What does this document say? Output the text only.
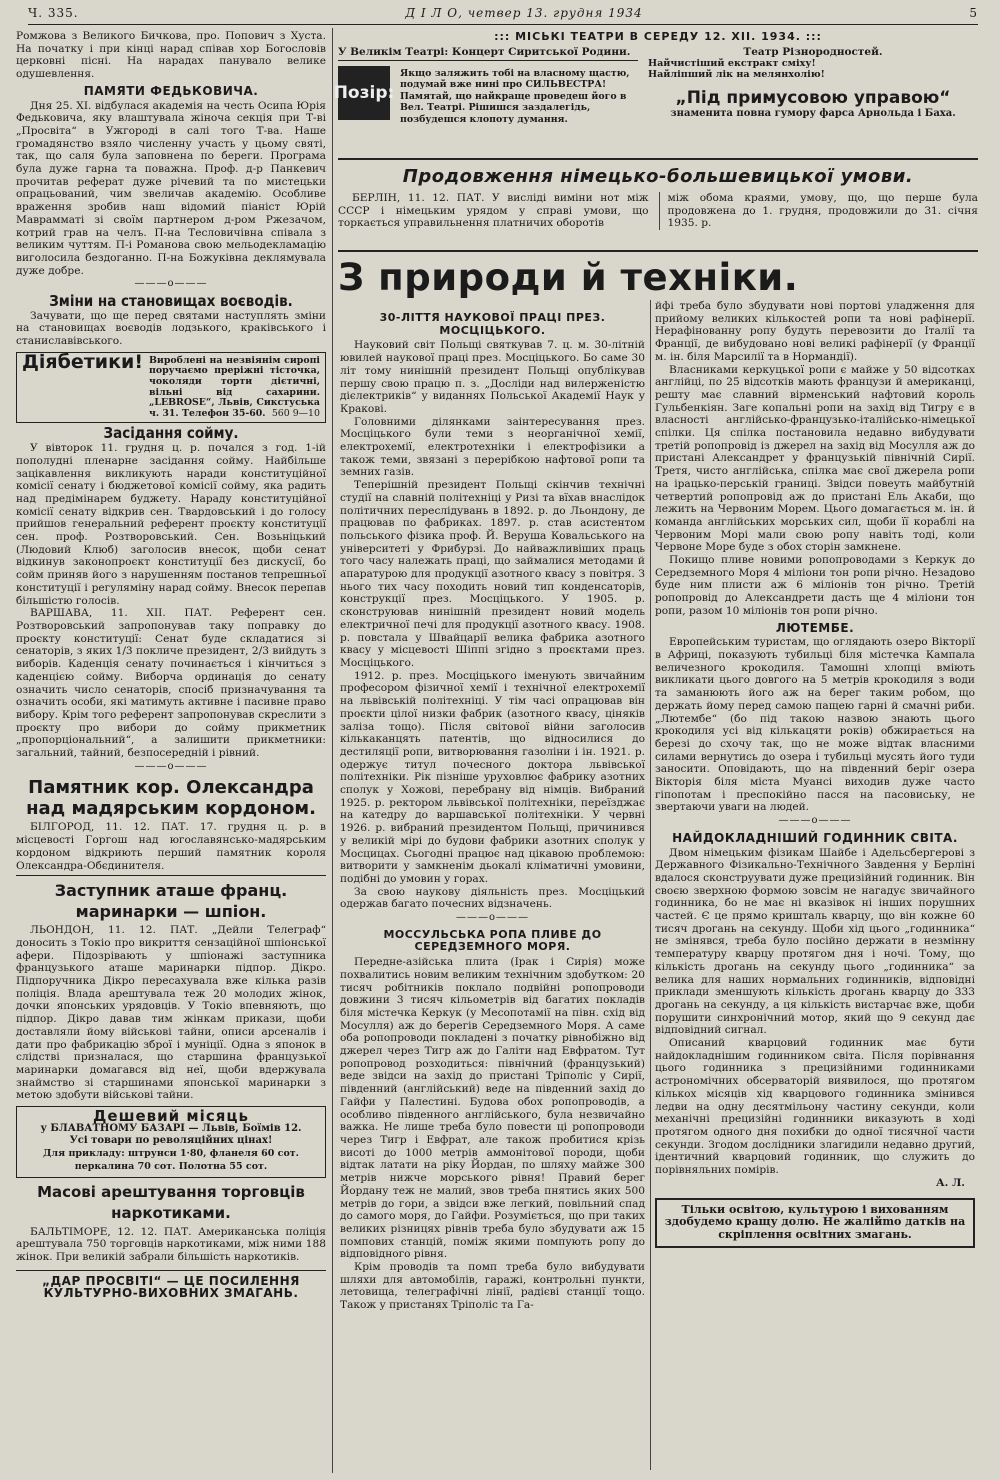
Ч. 335.	Д І Л О, четвер 13. грудня 1934	5

Ромжова з Великого Бичкова, про. Попович з Хуста. На початку і при кінці нарад співав хор Богословів церковні пісні. На нарадах панувало велике одушевлення.

ПАМЯТИ ФЕДЬКОВИЧА.

Дня 25. XI. відбулася академія на честь Осипа Юрія Федьковича, яку влаштувала жіноча секція при Т-ві „Просвіта“ в Ужгороді в салі того Т-ва. Наше громадянство взяло численну участь у цьому святі, так, що саля була заповнена по береги. Програма була дуже гарна та поважна. Проф. д-р Панкевич прочитав реферат дуже річевий та по мистецьки опрацьований, чим звеличав академію. Особливе враження зробив наш відомий піаніст Юрій Маврамматі зі своїм партнером д-ром Ржезачом, котрий грав на челъ. П-на Тесловичівна співала з великим чуттям. П-і Романова свою мельодекламацію виголосила бездоганно. П-на Божуківна деклямувала дуже добре.

———o———
Зміни на становищах воєводів.

Зачувати, що ще перед святами наступлять зміни на становищах воєводів лодзького, краківського і станиславівського.

Діябетики! Вироблені на незвіянім сиропі поручаємо преріжні тісточка, чоколяди торти дієтичні, вільні від сахарини. „LEBROSE“, Львів, Сикстуська ч. 31. Телефон 35-60. 560 9—10
Засідання сойму.

У вівторок 11. грудня ц. р. почался з год. 1-ій пополудні пленарне засідання сойму. Найбільше зацікавлення викликують наради конституційної комісії сенату і бюджетової комісії сойму, яка радить над предімінарем буджету. Нараду конституційної комісії сенату відкрив сен. Твардовський і до голосу прийшов генеральний референт проєкту конституції сен. проф. Розтворовський. Сен. Возьніцький (Людовий Клюб) заголосив внесок, щоби сенат відкинув законопроєкт конституції без дискусії, бо сойм приняв його з нарушенням постанов тепрешньої конституції і регуляміну нарад сойму. Внесок перепав більшістю голосів.

ВАРШАВА, 11. XII. ПАТ. Референт сен. Розтворовський запропонував таку поправку до проєкту конституції: Сенат буде складатися зі сенаторів, з яких 1/3 покличе президент, 2/3 вийдуть з виборів. Каденція сенату починається і кінчиться з каденцією сойму. Виборча ординація до сенату означить число сенаторів, спосіб призначування та означить особи, які матимуть активне і пасивне право вибору. Крім того референт запропонував скреслити з проєкту про вибори до сойму прикметник „пропорціональний“, а залишити прикметники: загальний, тайний, безпосередній і рівний.

———o———
Памятник кор. Олександра над мадярським кордоном.

БІЛГОРОД, 11. 12. ПАТ. 17. грудня ц. р. в місцевості Горгош над югославянсько-мадярським кордоном відкриють перший памятник короля Олександра-Обєдинителя.

Заступник аташе франц. маринарки — шпіон.

ЛЬОНДОН, 11. 12. ПАТ. „Дейли Телеграф“ доносить з Токіо про викриття сензаційної шпіонської афери. Підозрівають у шпіонажі заступника французького аташе маринарки підпор. Дікро. Підпоручника Дікро пересахувала вже кілька разів поліція. Влада арештувала теж 20 молодих жінок, дочки японських урядовців. У Токіо впевняють, що підпор. Дікро давав тим жінкам прикази, щоби доставляли йому військові тайни, описи арсеналів і дати про фабрикацію зброї і муніції. Одна з японок в слідстві призналася, що старшина французької маринарки домагався від неї, щоби вдержувала знаймство зі старшинами японської маринарки з метою здобути військові тайни.

Дешевий місяць
у БЛАВАТНОМУ БАЗАРІ — Львів, Боїмів 12.
Усі товари по револяційних цінах!
Для прикладу: штрунси 1·80, фланеля 60 сот. перкалина 70 сот. Полотна 55 сот.
Масові арештування торговців наркотиками.

БАЛЬТІМОРЕ, 12. 12. ПАТ. Американська поліція арештувала 750 торговців наркотиками, між ними 188 жінок. При великій забрали більшість наркотиків.

„ДАР ПРОСВІТІ“ — ЦЕ ПОСИЛЕННЯ КУЛЬТУРНО-ВИХОВНИХ ЗМАГАНЬ.
::: МІСЬКІ ТЕАТРИ В СЕРЕДУ 12. XII. 1934. :::
У Великім Театрі: Концерт Сиритської Родини.
Позір:
Якщо заляжить тобі на власному щастю, подумай вже нині про СИЛЬВЕСТРА! Памятай, що найкраще проведеш його в Вел. Театрі. Рішишся заздалегідь, позбудешся клопоту думання.
Театр Різнородностей.
Найчистіший екстракт сміху!
Найліпший лік на мелянхолію!
„Під примусовою управою“
знаменита повна гумору фарса Арнольда і Баха.
Продовження німецько-большевицької умови.

БЕРЛІН, 11. 12. ПАТ. У вислідi виміни нот між СССР і німецьким урядом у справі умови, що торкається управильнення платничих оборотів

між обома краями, умову, що, що перше була продовжена до 1. грудня, продовжили до 31. січня 1935. р.

З природи й техніки.
30-ЛІТТЯ НАУКОВОЇ ПРАЦІ ПРЕЗ. МОСЦІЦЬКОГО.

Науковий світ Польщі святкував 7. ц. м. 30-літній ювилей наукової праці през. Мосціцького. Бо саме 30 літ тому нинішній президент Польщі опублікував першу свою працю п. з. „Досліди над вилерженістю дієлектриків“ у виданнях Польської Академії Наук у Кракові.

Головними ділянками заінтересування през. Мосціцького були теми з неорганічної хемії, електрохемії, електротехніки і електрофізики а також теми, звязані з перерібкою нафтової ропи та земних газів.

Теперішній президент Польщі скінчив технічні студії на славній політехніці у Ризі та вїхав внаслідок політичних переслідувань в 1892. р. до Льондону, де працював по фабриках. 1897. р. став асистентом польського фізика проф. Й. Веруша Ковальського на університеті у Фрибурзі. До найважливіших праць того часу належать праці, що займалися методами й апаратурою для продукції азотного квасу з повітря. З нього тих часу походить новий тип конденсаторів, конструкції през. Мосціцького. У 1905. р. сконструював нинішній президент новий модель електричної печі для продукції азотного квасу. 1908. р. повстала у Швайцарії велика фабрика азотного квасу у місцевості Шіппі згідно з проєктами през. Мосціцького.

1912. р. през. Мосціцького іменують звичайним професором фізичної хемії і технічної електрохемії на львівській політехніці. У тім часі опрацював він проєкти цілої низки фабрик (азотного квасу, ціняків заліза тощо). Після світової війни заголосив кількаканцять патентів, що відносилися до дестиляції ропи, витворювання газоліни і ін. 1921. р. одержує титул почесного доктора львівської політехніки. Рік пізніше уруховлює фабрику азотних сполук у Хожові, перебрану від німців. Вибраний 1925. р. ректором львівської політехніки, переїзджає на катедру до варшавської політехніки. У червні 1926. р. вибраний президентом Польщі, причинився у великій мірі до будови фабрики азотних сполук у Мосцицах. Сьогодні працює над цікавою проблемою: витворити у замкненім дьокалі кліматичні умовини, подібні до умовин у горах.

За свою наукову діяльність през. Мосціцький одержав багато почесних відзначень.

———o———
МОССУЛЬСЬКА РОПА ПЛИВЕ ДО СЕРЕДЗЕМНОГО МОРЯ.

Передне-азійська плита (Ірак і Сирія) може похвалитись новим великим технічним здобутком: 20 тисяч робітників поклало подвійні ропопроводи довжини 3 тисяч кільометрів від багатих покладів біля містечка Керкук (у Месопотамії на півн. схід від Мосулля) аж до берегів Середземного Моря. А саме оба ропопроводи покладені з початку рівнобіжно від джерел через Тигр аж до Галіти над Евфратом. Тут ропопровод розходиться: північний (французький) веде звідси на захід до пристані Тріполіс у Сирії, південний (англійський) веде на південний захід до Гайфи у Палестині. Будова обох ропопроводів, а особливо південного англійського, була незвичайно важка. Не лише треба було повести ці ропопроводи через Тигр і Евфрат, але також пробитися крізь висоті до 1000 метрів аммонітової породи, щоби відтак латати на ріку Йордан, по шляху майже 300 метрів нижче морського рівня! Правий берег Йордану теж не малий, звов треба пнятись яких 500 метрів до гори, а звідси вже легкий, повільний спад до самого моря, до Гайфи. Розуміється, що при таких великих різницях рівнів треба було збудувати аж 15 помпових станцій, поміж якими помпують ропу до відповідного рівня.

Крім проводів та помп треба було вибудувати шляхи для автомобілів, гаражі, контрольні пункти, летовища, телеграфічні лінії, радієві станції тощо. Також у пристанях Тріполіс та Га-

йфі треба було збудувати нові портові уладження для прийому великих кількостей ропи та нові рафінерії. Нерафінованну ропу будуть перевозити до Італії та Франції, де вибудовано нові великі рафінерії (у Франції м. ін. біля Марсилії та в Нормандії).

Власниками керкуцької ропи є майже у 50 відсотках англійці, по 25 відсотків мають французи й американці, решту має славний вірменський нафтовий король Гульбенкіян. Заге копальні ропи на захід від Тигру є в власності англійсько-французько-італійсько-німецької спілки. Ця спілка постановила недавно вибудувати третій ропопровід із джерел на захід від Мосулля аж до пристані Александрет у французькій північній Сирії. Третя, чисто англійська, спілка має свої джерела ропи на ірацько-перській границі. Звідси повеуть майбутній четвертий ропопровід аж до пристані Ель Акаби, що лежить на Червоним Морем. Цього домагається м. ін. й команда англійських морських сил, щоби її кораблі на Червоним Морі мали свою ропу навіть тоді, коли Червоне Море буде з обох сторін замкнене.

Покищо пливе новими ропопроводами з Керкук до Середземного Моря 4 мілiони тон ропи річно. Незадово буде ним плисти аж 6 міліонів тон річно. Третій ропопровід до Александрети дасть ще 4 мілiони тон ропи, разом 10 міліонів тон ропи річно.

ЛЮТЕМБЕ.

Европейським туристам, що оглядають озеро Вікторії в Африці, показують тубильці біля містечка Кампала величезного крокодиля. Тамошні хлопці вміють викликати цього довгого на 5 метрів крокодиля з води та заманюють його аж на берег таким робом, що держать йому перед самою пащею гарні й смачні риби. „Лютембе“ (бо під такою назвою знають цього крокодиля усі від кількацяти років) обжирається на березі до схочу так, що не може відтак власними силами вернутись до озера і тубильці мусять його туди заносити. Оповідають, що на південний беріг озера Вікторія біля міста Муансі виходив дуже часто гіпопотам і преспокійно пасся на пасовиську, не звертаючи уваги на людей.

———o———
НАЙДОКЛАДНІШИЙ ГОДИННИК СВІТА.

Двом німецьким фізикам Шайбе і Адельсбергерові з Державного Фізикально-Технічного Завдення у Берліні вдалося сконструувати дуже прецизійний годинник. Він своєю зверхною формою зовсім не нагадує звичайного годинника, бо не має ні вказівок ні інших порушних частей. Є це прямо кришталь кварцу, що він кожне 60 тисяч дрогань на секунду. Щоби хід цього „годинника“ не змінявся, треба було посійно держати в незмінну температуру кварцу протягом дня і ночі. Тому, що кількість дрогань на секунду цього „годинника“ за велика для наших нормальних годинників, відповідні приклади зменшують кількість дрогань кварцу до 333 дрогань на секунду, а ця кількість вистарчає вже, щоби порушити синхронічний мотор, який що 9 секунд дає відповідний сигнал.

Описаний кварцовий годинник має бути найдокладнішим годинником світа. Після порівнання цього годинника з прецизійними годинниками астрономічних обсерваторій виявилося, що протягом кількох місяців хід кварцового годинника змінився ледви на одну десятмільону частину секунди, коли механічні прецизійні годинники виказують в ході протягом одного дня похибки до одної тисячної части секунди. Згодом дослідники злагидили недавно другий, ідентичний кварцовий годинник, що служить до порівняльних помірів.

А. Л.
Тільки освітою, культурою і вихованням здобудемо кращу долю. Не жалійmo датків на скріплення освітних змагань.
